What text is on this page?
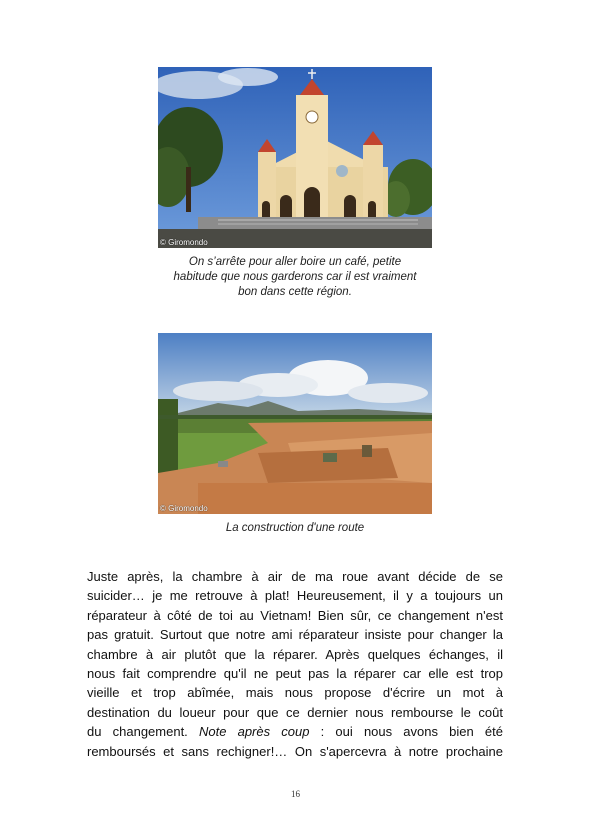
© Giromondo
On s’arrête pour aller boire un café, petite
habitude que nous garderons car il est vraiment
bon dans cette région.
© Giromondo
La construction d'une route
Juste après, la chambre à air de ma roue avant décide de se
suicider… je me retrouve à plat! Heureusement, il y a toujours un
réparateur à côté de toi au Vietnam! Bien sûr, ce changement n'est
pas gratuit. Surtout que notre ami réparateur insiste pour changer la
chambre à air plutôt que la réparer. Après quelques échanges, il
nous fait comprendre qu'il ne peut pas la réparer car elle est trop
vieille et trop abîmée, mais nous propose d'écrire un mot à
destination du loueur pour que ce dernier nous rembourse le coût
du changement. Note après coup : oui nous avons bien été
remboursés et sans rechigner!… On s'apercevra à notre prochaine
16
